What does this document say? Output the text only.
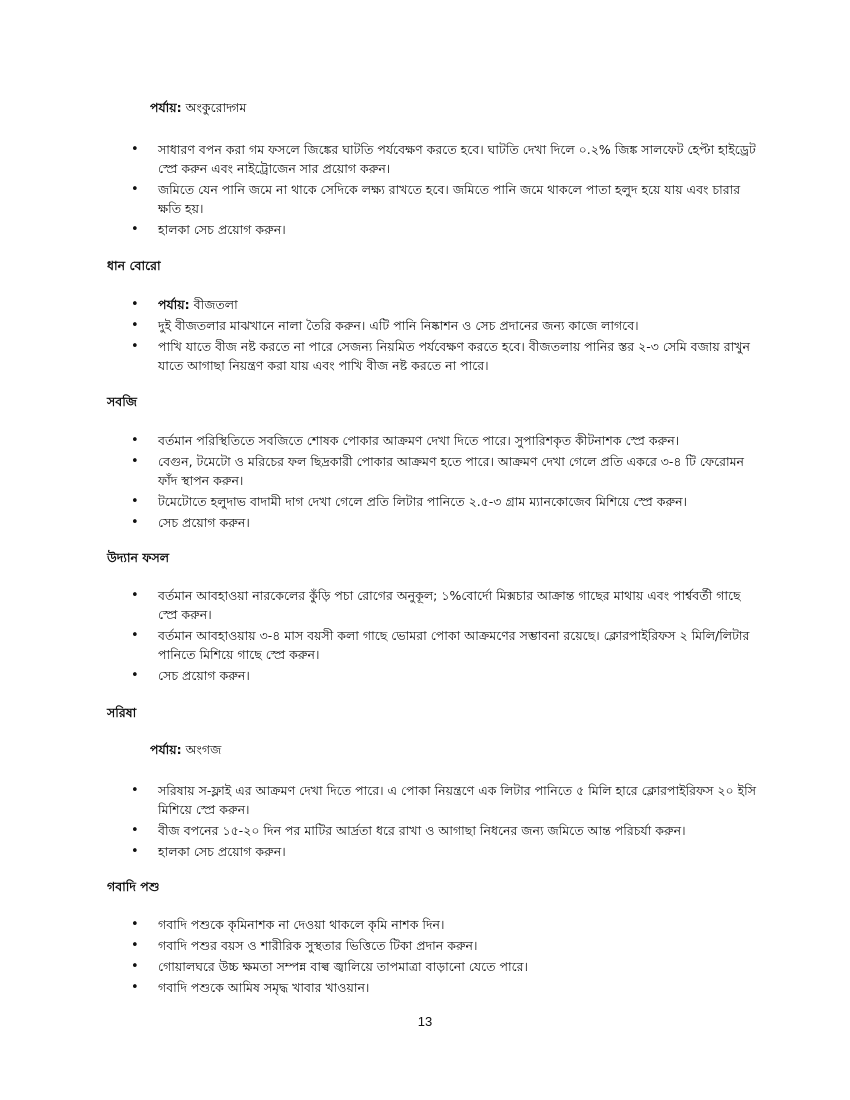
পর্যায়: অংকুরোদ্গম
• সাধারণ বপন করা গম ফসলে জিঙ্কের ঘাটতি পর্যবেক্ষণ করতে হবে। ঘাটতি দেখা দিলে ০.২% জিঙ্ক সালফেট হেপ্টা হাইড্রেট স্প্রে করুন এবং নাইট্রোজেন সার প্রয়োগ করুন।
• জমিতে যেন পানি জমে না থাকে সেদিকে লক্ষ্য রাখতে হবে। জমিতে পানি জমে থাকলে পাতা হলুদ হয়ে যায় এবং চারার ক্ষতি হয়।
• হালকা সেচ প্রয়োগ করুন।
ধান বোরো
• পর্যায়: বীজতলা
• দুই বীজতলার মাঝখানে নালা তৈরি করুন। এটি পানি নিষ্কাশন ও সেচ প্রদানের জন্য কাজে লাগবে।
• পাখি যাতে বীজ নষ্ট করতে না পারে সেজন্য নিয়মিত পর্যবেক্ষণ করতে হবে। বীজতলায় পানির স্তর ২-৩ সেমি বজায় রাখুন যাতে আগাছা নিয়ন্ত্রণ করা যায় এবং পাখি বীজ নষ্ট করতে না পারে।
সবজি
• বর্তমান পরিস্থিতিতে সবজিতে শোষক পোকার আক্রমণ দেখা দিতে পারে। সুপারিশকৃত কীটনাশক স্প্রে করুন।
• বেগুন, টমেটো ও মরিচের ফল ছিদ্রকারী পোকার আক্রমণ হতে পারে। আক্রমণ দেখা গেলে প্রতি একরে ৩-৪ টি ফেরোমন ফাঁদ স্থাপন করুন।
• টমেটোতে হলুদাভ বাদামী দাগ দেখা গেলে প্রতি লিটার পানিতে ২.৫-৩ গ্রাম ম্যানকোজেব মিশিয়ে স্প্রে করুন।
• সেচ প্রয়োগ করুন।
উদ্যান ফসল
• বর্তমান আবহাওয়া নারকেলের কুঁড়ি পচা রোগের অনুকূল; ১%বোর্দো মিক্সচার আক্রান্ত গাছের মাথায় এবং পার্শ্ববর্তী গাছে স্প্রে করুন।
• বর্তমান আবহাওয়ায় ৩-৪ মাস বয়সী কলা গাছে ভোমরা পোকা আক্রমণের সম্ভাবনা রয়েছে। ক্লোরপাইরিফস ২ মিলি/লিটার পানিতে মিশিয়ে গাছে স্প্রে করুন।
• সেচ প্রয়োগ করুন।
সরিষা
পর্যায়: অংগজ
• সরিষায় স-ফ্লাই এর আক্রমণ দেখা দিতে পারে। এ পোকা নিয়ন্ত্রণে এক লিটার পানিতে ৫ মিলি হারে ক্লোরপাইরিফস ২০ ইসি মিশিয়ে স্প্রে করুন।
• বীজ বপনের ১৫-২০ দিন পর মাটির আর্দ্রতা ধরে রাখা ও আগাছা নিধনের জন্য জমিতে আন্ত পরিচর্যা করুন।
• হালকা সেচ প্রয়োগ করুন।
গবাদি পশু
• গবাদি পশুকে কৃমিনাশক না দেওয়া থাকলে কৃমি নাশক দিন।
• গবাদি পশুর বয়স ও শারীরিক সুস্থতার ভিত্তিতে টিকা প্রদান করুন।
• গোয়ালঘরে উচ্চ ক্ষমতা সম্পন্ন বাল্ব জ্বালিয়ে তাপমাত্রা বাড়ানো যেতে পারে।
• গবাদি পশুকে আমিষ সমৃদ্ধ খাবার খাওয়ান।
13
